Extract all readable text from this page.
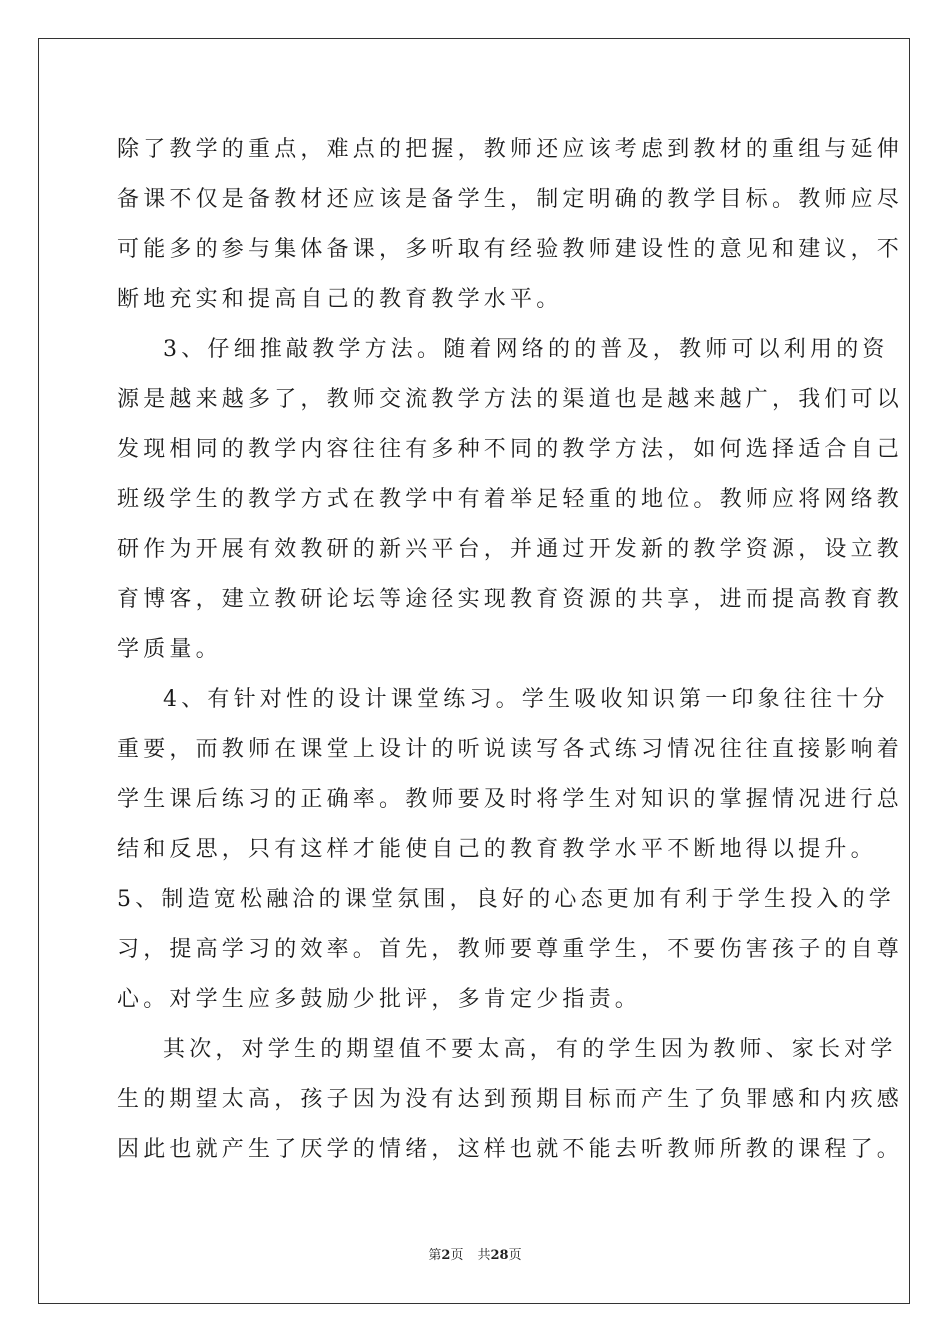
除了教学的重点，难点的把握，教师还应该考虑到教材的重组与延伸
备课不仅是备教材还应该是备学生，制定明确的教学目标。教师应尽
可能多的参与集体备课，多听取有经验教师建设性的意见和建议，不
断地充实和提高自己的教育教学水平。
3、仔细推敲教学方法。随着网络的的普及，教师可以利用的资
源是越来越多了，教师交流教学方法的渠道也是越来越广，我们可以
发现相同的教学内容往往有多种不同的教学方法，如何选择适合自己
班级学生的教学方式在教学中有着举足轻重的地位。教师应将网络教
研作为开展有效教研的新兴平台，并通过开发新的教学资源，设立教
育博客，建立教研论坛等途径实现教育资源的共享，进而提高教育教
学质量。
4、有针对性的设计课堂练习。学生吸收知识第一印象往往十分
重要，而教师在课堂上设计的听说读写各式练习情况往往直接影响着
学生课后练习的正确率。教师要及时将学生对知识的掌握情况进行总
结和反思，只有这样才能使自己的教育教学水平不断地得以提升。
5、制造宽松融洽的课堂氛围，良好的心态更加有利于学生投入的学
习，提高学习的效率。首先，教师要尊重学生，不要伤害孩子的自尊
心。对学生应多鼓励少批评，多肯定少指责。
其次，对学生的期望值不要太高，有的学生因为教师、家长对学
生的期望太高，孩子因为没有达到预期目标而产生了负罪感和内疚感
因此也就产生了厌学的情绪，这样也就不能去听教师所教的课程了。
第2页 共28页
